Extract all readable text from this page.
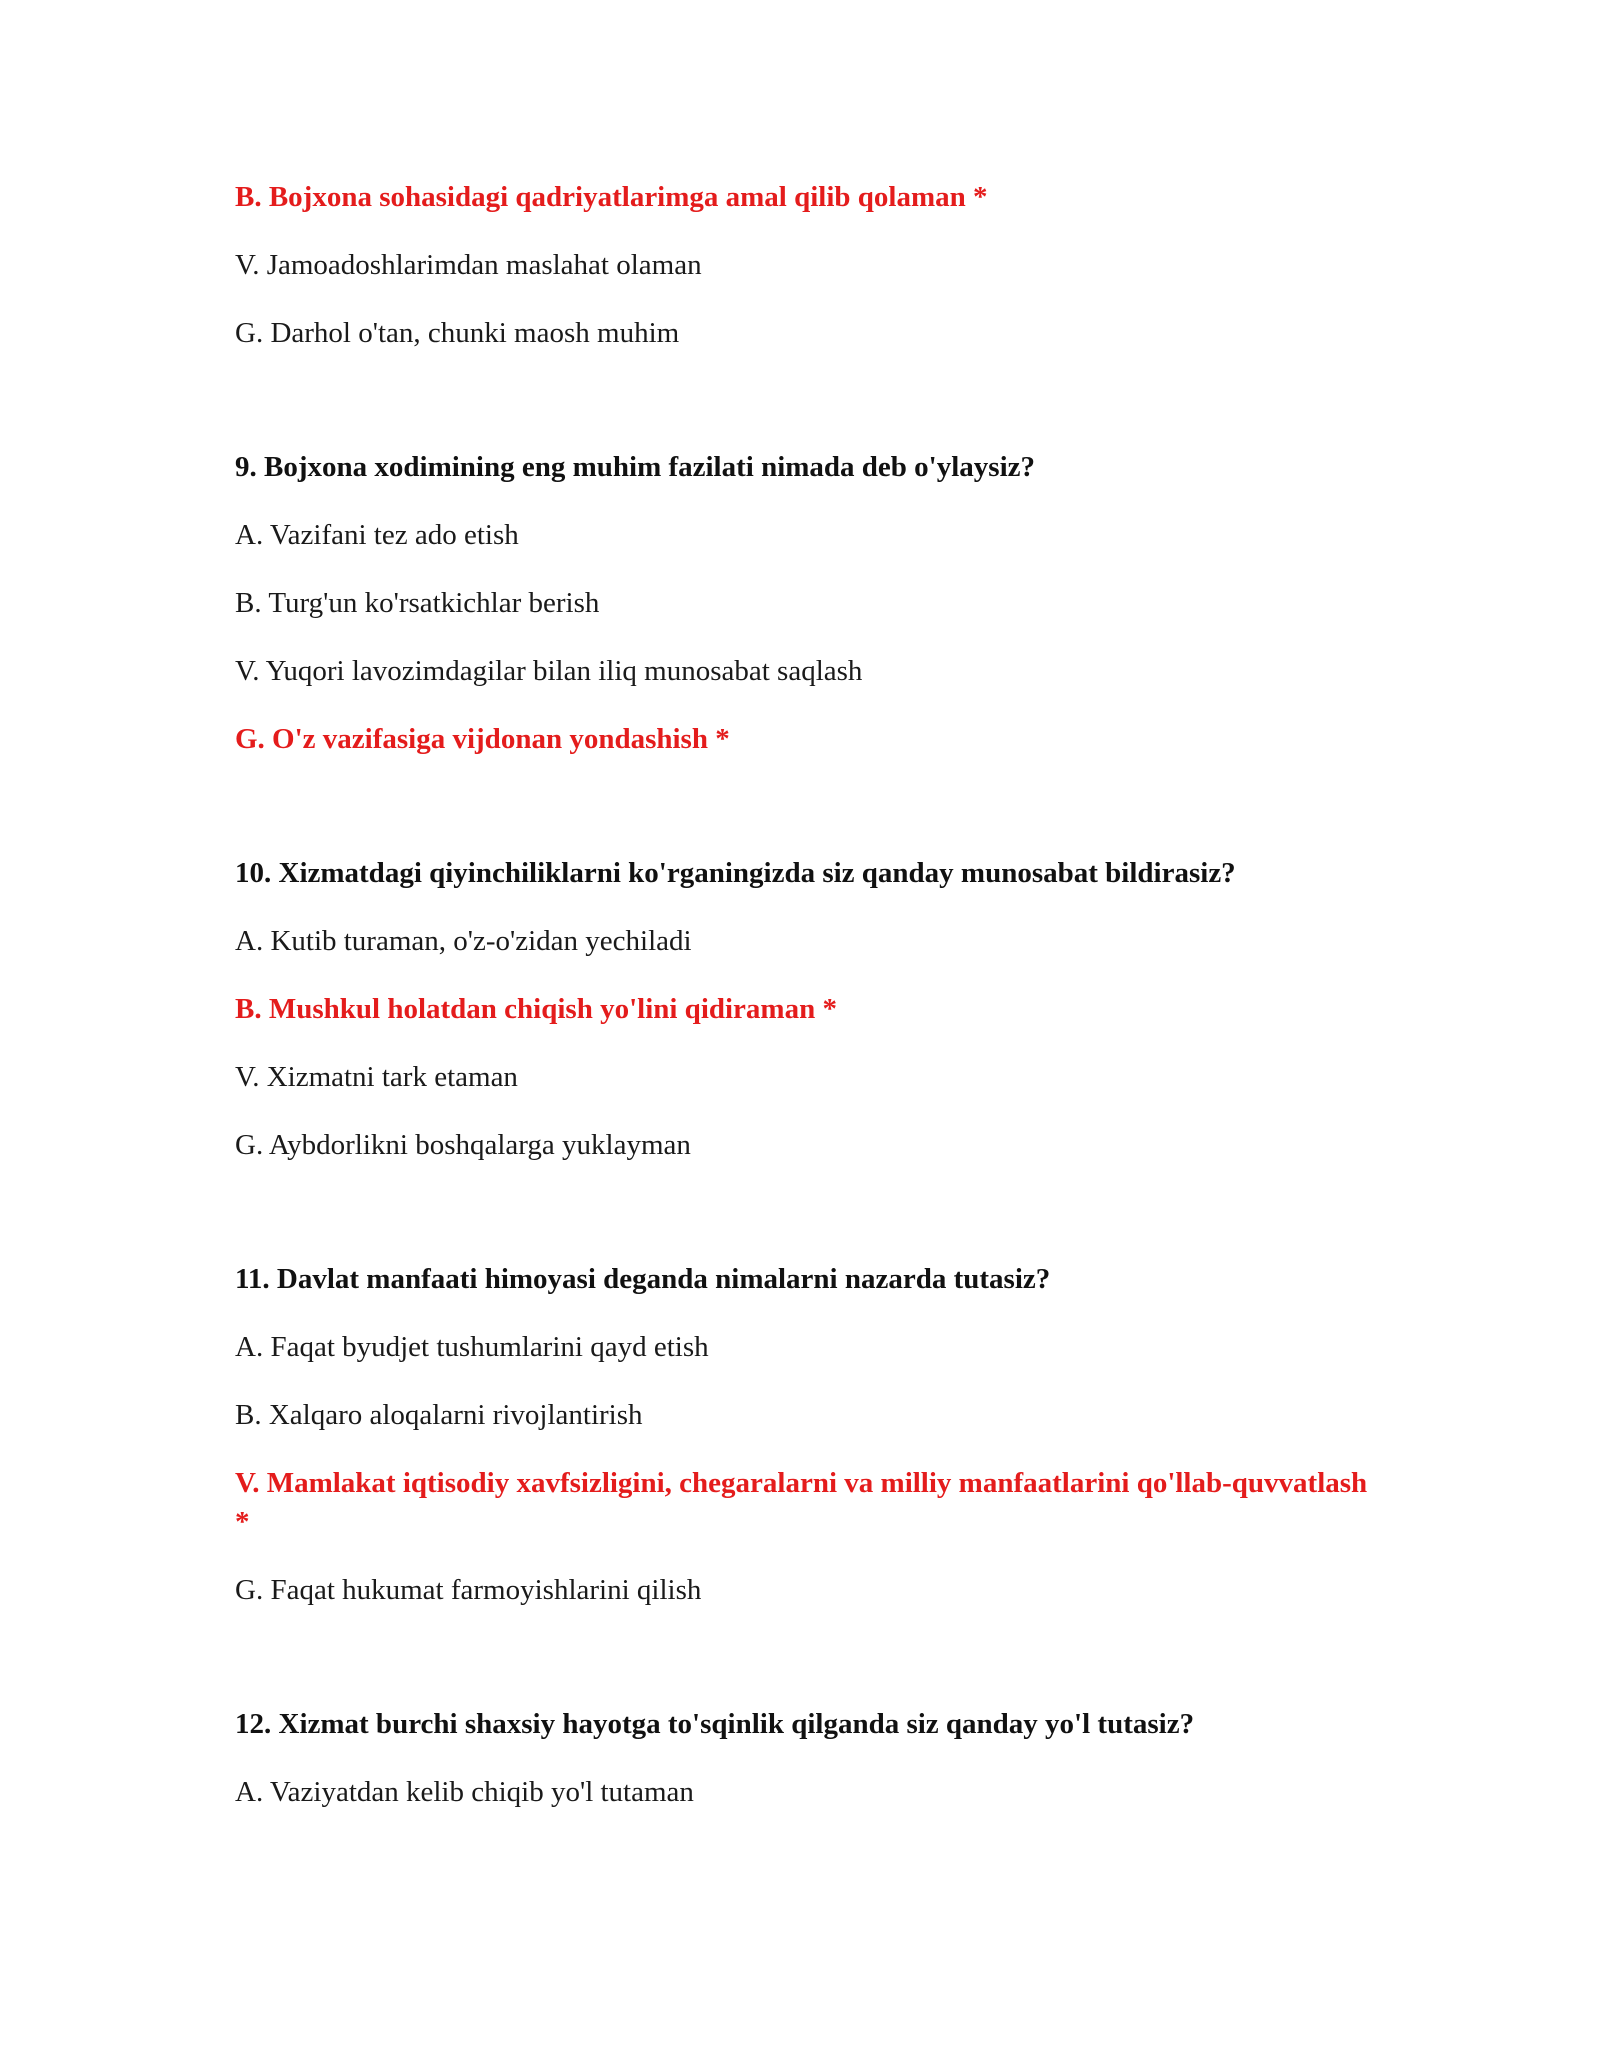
B. Bojxona sohasidagi qadriyatlarimga amal qilib qolaman *

V. Jamoadoshlarimdan maslahat olaman

G. Darhol o'tan, chunki maosh muhim

9. Bojxona xodimining eng muhim fazilati nimada deb o'ylaysiz?

A. Vazifani tez ado etish

B. Turg'un ko'rsatkichlar berish

V. Yuqori lavozimdagilar bilan iliq munosabat saqlash

G. O'z vazifasiga vijdonan yondashish *

10. Xizmatdagi qiyinchiliklarni ko'rganingizda siz qanday munosabat bildirasiz?

A. Kutib turaman, o'z-o'zidan yechiladi

B. Mushkul holatdan chiqish yo'lini qidiraman *

V. Xizmatni tark etaman

G. Aybdorlikni boshqalarga yuklayman

11. Davlat manfaati himoyasi deganda nimalarni nazarda tutasiz?

A. Faqat byudjet tushumlarini qayd etish

B. Xalqaro aloqalarni rivojlantirish

V. Mamlakat iqtisodiy xavfsizligini, chegaralarni va milliy manfaatlarini qo'llab-quvvatlash *

G. Faqat hukumat farmoyishlarini qilish

12. Xizmat burchi shaxsiy hayotga to'sqinlik qilganda siz qanday yo'l tutasiz?

A. Vaziyatdan kelib chiqib yo'l tutaman
